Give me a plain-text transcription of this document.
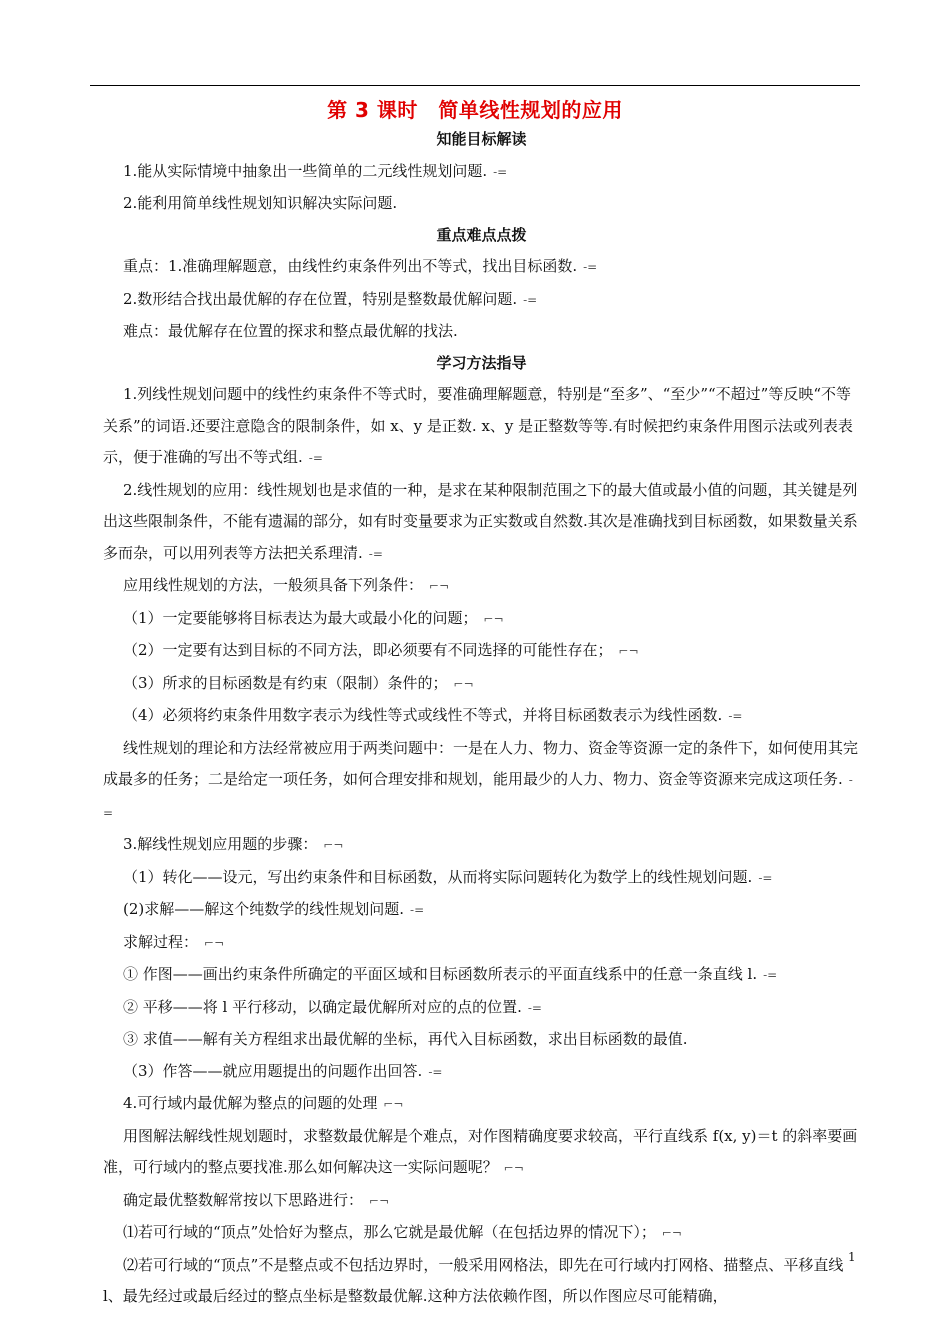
第 3 课时　简单线性规划的应用

知能目标解读

1.能从实际情境中抽象出一些简单的二元线性规划问题. -=

2.能利用简单线性规划知识解决实际问题.

重点难点点拨

重点：1.准确理解题意，由线性约束条件列出不等式，找出目标函数. -=

2.数形结合找出最优解的存在位置，特别是整数最优解问题. -=

难点：最优解存在位置的探求和整点最优解的找法.

学习方法指导

1.列线性规划问题中的线性约束条件不等式时，要准确理解题意，特别是“至多”、“至少”“不超过”等反映“不等关系”的词语.还要注意隐含的限制条件，如 x、y 是正数. x、y 是正整数等等.有时候把约束条件用图示法或列表表示，便于准确的写出不等式组. -=

2.线性规划的应用：线性规划也是求值的一种，是求在某种限制范围之下的最大值或最小值的问题，其关键是列出这些限制条件，不能有遗漏的部分，如有时变量要求为正实数或自然数.其次是准确找到目标函数，如果数量关系多而杂，可以用列表等方法把关系理清. -=

应用线性规划的方法，一般须具备下列条件： ⌐¬

（1）一定要能够将目标表达为最大或最小化的问题； ⌐¬

（2）一定要有达到目标的不同方法，即必须要有不同选择的可能性存在； ⌐¬

（3）所求的目标函数是有约束（限制）条件的； ⌐¬

（4）必须将约束条件用数字表示为线性等式或线性不等式，并将目标函数表示为线性函数. -=

线性规划的理论和方法经常被应用于两类问题中：一是在人力、物力、资金等资源一定的条件下，如何使用其完成最多的任务；二是给定一项任务，如何合理安排和规划，能用最少的人力、物力、资金等资源来完成这项任务. -=

3.解线性规划应用题的步骤： ⌐¬

（1）转化——设元，写出约束条件和目标函数，从而将实际问题转化为数学上的线性规划问题. -=

(2)求解——解这个纯数学的线性规划问题. -=

求解过程： ⌐¬

① 作图——画出约束条件所确定的平面区域和目标函数所表示的平面直线系中的任意一条直线 l. -=

② 平移——将 l 平行移动，以确定最优解所对应的点的位置. -=

③ 求值——解有关方程组求出最优解的坐标，再代入目标函数，求出目标函数的最值.

（3）作答——就应用题提出的问题作出回答. -=

4.可行域内最优解为整点的问题的处理 ⌐¬

用图解法解线性规划题时，求整数最优解是个难点，对作图精确度要求较高，平行直线系 f(x, y)＝t 的斜率要画准，可行域内的整点要找准.那么如何解决这一实际问题呢？ ⌐¬

确定最优整数解常按以下思路进行： ⌐¬

⑴若可行域的“顶点”处恰好为整点，那么它就是最优解（在包括边界的情况下）； ⌐¬

⑵若可行域的“顶点”不是整点或不包括边界时，一般采用网格法，即先在可行域内打网格、描整点、平移直线 l、最先经过或最后经过的整点坐标是整数最优解.这种方法依赖作图，所以作图应尽可能精确，

1
